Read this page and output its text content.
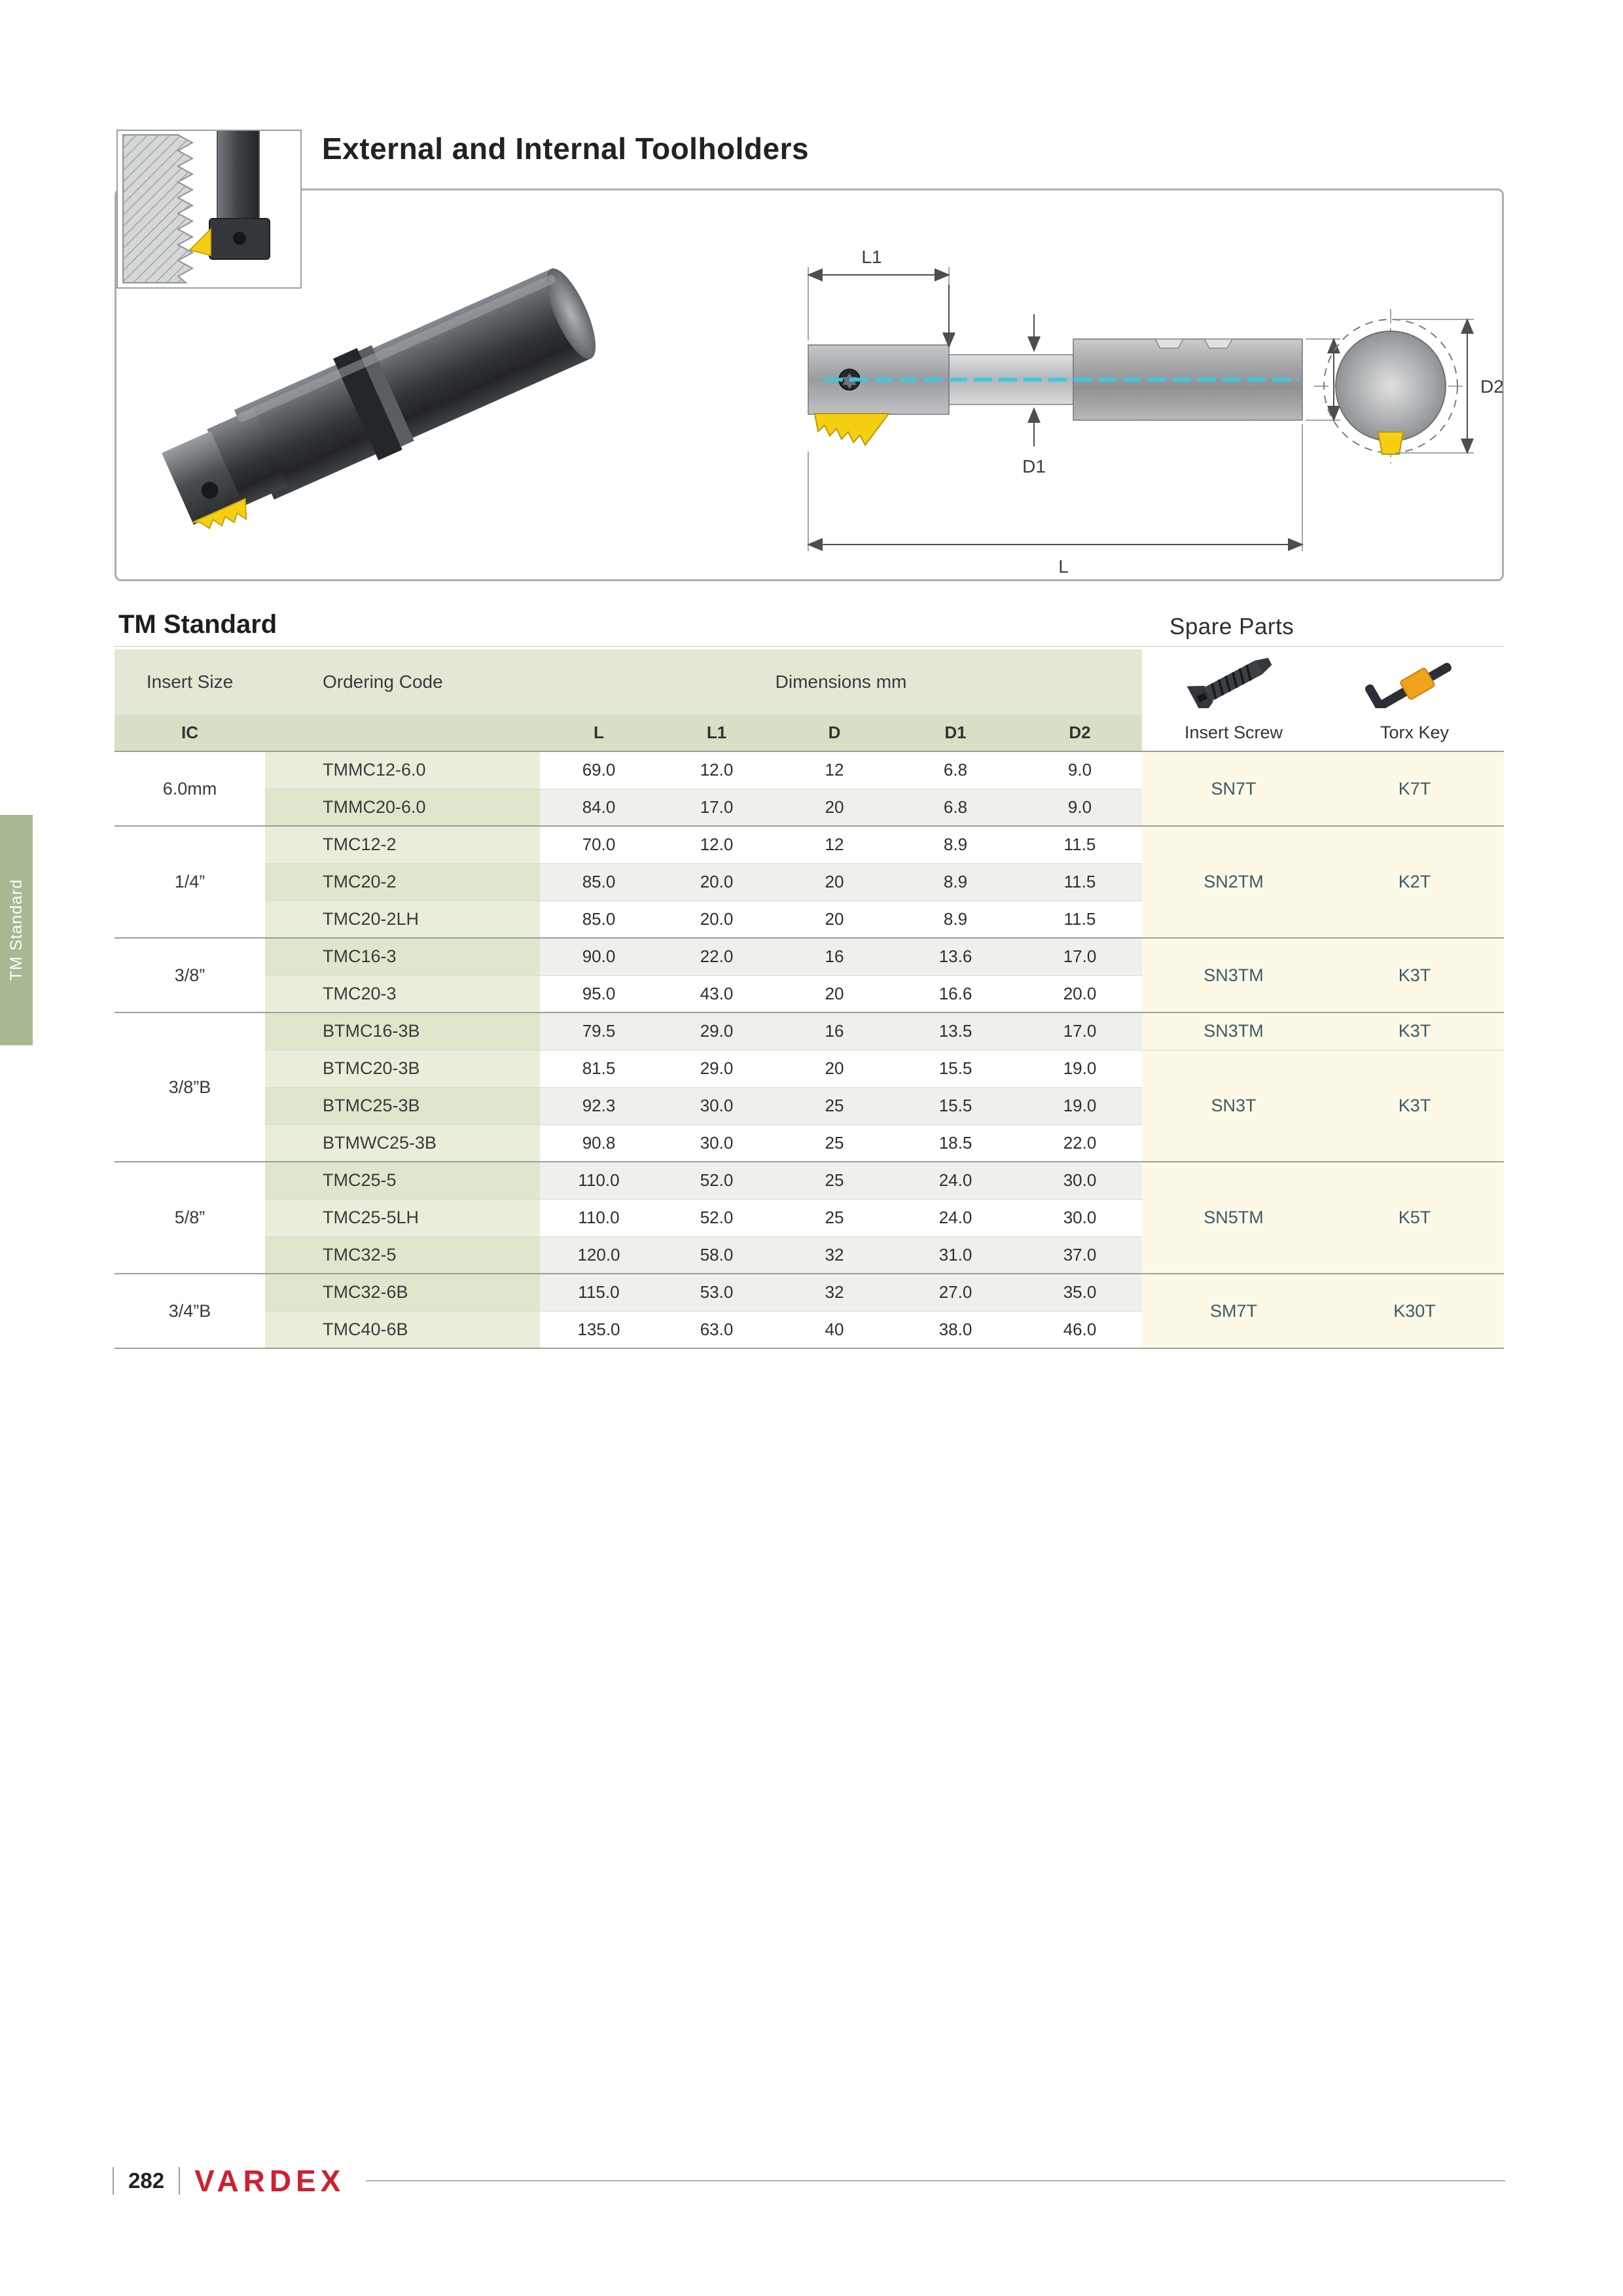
External and Internal Toolholders
L1
D1
L
D2
TM Standard	Spare Parts
Insert Size	Ordering Code	Dimensions mm		
IC		L	L1	D	D1	D2	Insert Screw	Torx Key
6.0mm	TMMC12-6.0	69.0	12.0	12	6.8	9.0	SN7T	K7T
	TMMC20-6.0	84.0	17.0	20	6.8	9.0		
1/4”	TMC12-2	70.0	12.0	12	8.9	11.5	SN2TM	K2T
	TMC20-2	85.0	20.0	20	8.9	11.5		
	TMC20-2LH	85.0	20.0	20	8.9	11.5		
3/8”	TMC16-3	90.0	22.0	16	13.6	17.0	SN3TM	K3T
	TMC20-3	95.0	43.0	20	16.6	20.0		
3/8”B	BTMC16-3B	79.5	29.0	16	13.5	17.0	SN3TM	K3T
	BTMC20-3B	81.5	29.0	20	15.5	19.0	SN3T	K3T
	BTMC25-3B	92.3	30.0	25	15.5	19.0		
	BTMWC25-3B	90.8	30.0	25	18.5	22.0		
5/8”	TMC25-5	110.0	52.0	25	24.0	30.0	SN5TM	K5T
	TMC25-5LH	110.0	52.0	25	24.0	30.0		
	TMC32-5	120.0	58.0	32	31.0	37.0		
3/4”B	TMC32-6B	115.0	53.0	32	27.0	35.0	SM7T	K30T
	TMC40-6B	135.0	63.0	40	38.0	46.0		
TM Standard
282 VARDEX
